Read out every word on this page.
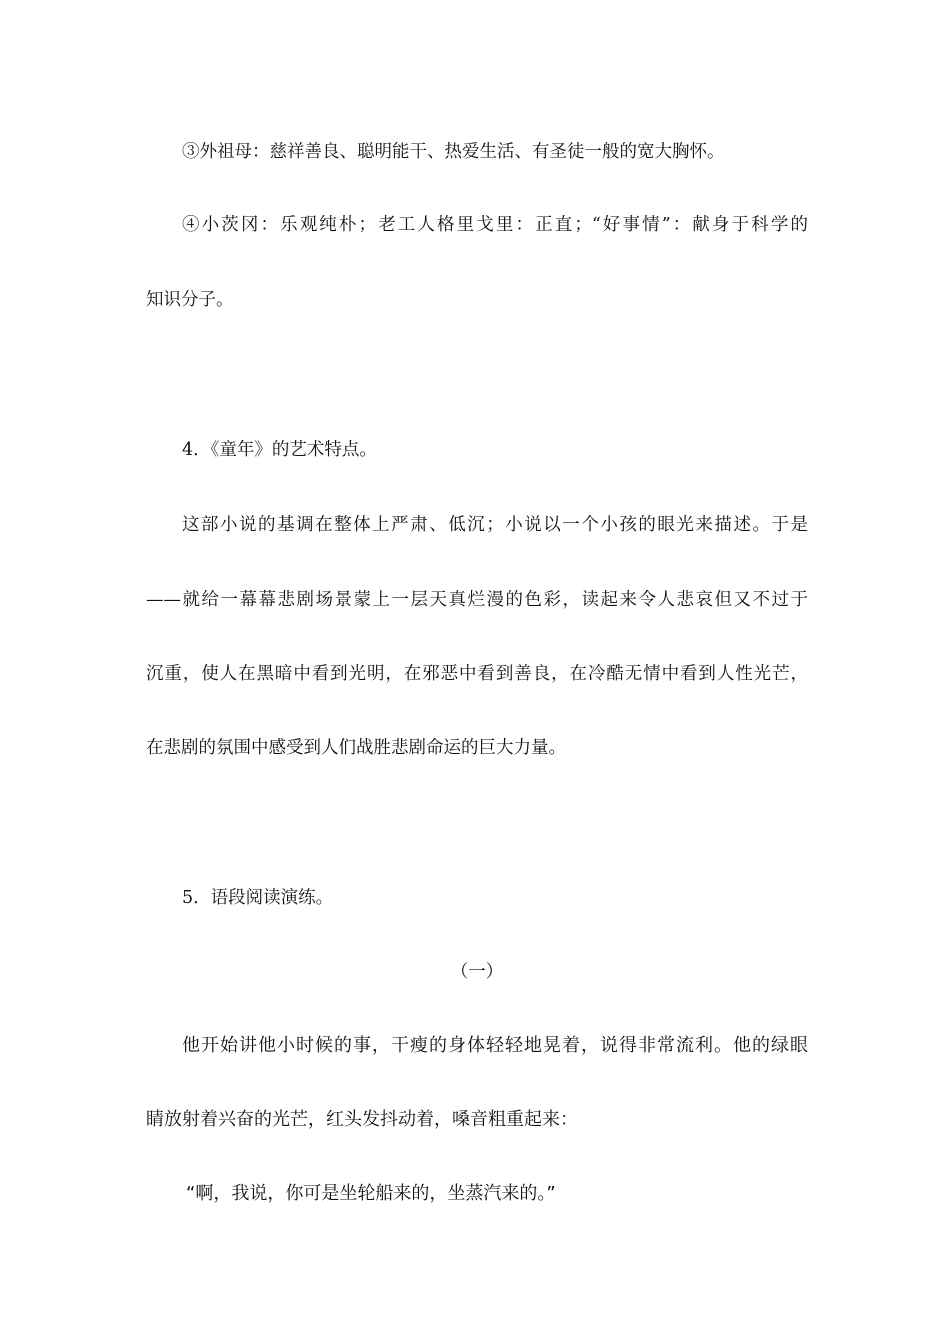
③外祖母：慈祥善良、聪明能干、热爱生活、有圣徒一般的宽大胸怀。
④小茨冈：乐观纯朴；老工人格里戈里：正直；“好事情”：献身于科学的
知识分子。
4．《童年》的艺术特点。
这部小说的基调在整体上严肃、低沉；小说以一个小孩的眼光来描述。于是
——就给一幕幕悲剧场景蒙上一层天真烂漫的色彩，读起来令人悲哀但又不过于
沉重，使人在黑暗中看到光明，在邪恶中看到善良，在冷酷无情中看到人性光芒，
在悲剧的氛围中感受到人们战胜悲剧命运的巨大力量。
5．语段阅读演练。
（一）
他开始讲他小时候的事，干瘦的身体轻轻地晃着，说得非常流利。他的绿眼
睛放射着兴奋的光芒，红头发抖动着，嗓音粗重起来：
“啊，我说，你可是坐轮船来的，坐蒸汽来的。”
